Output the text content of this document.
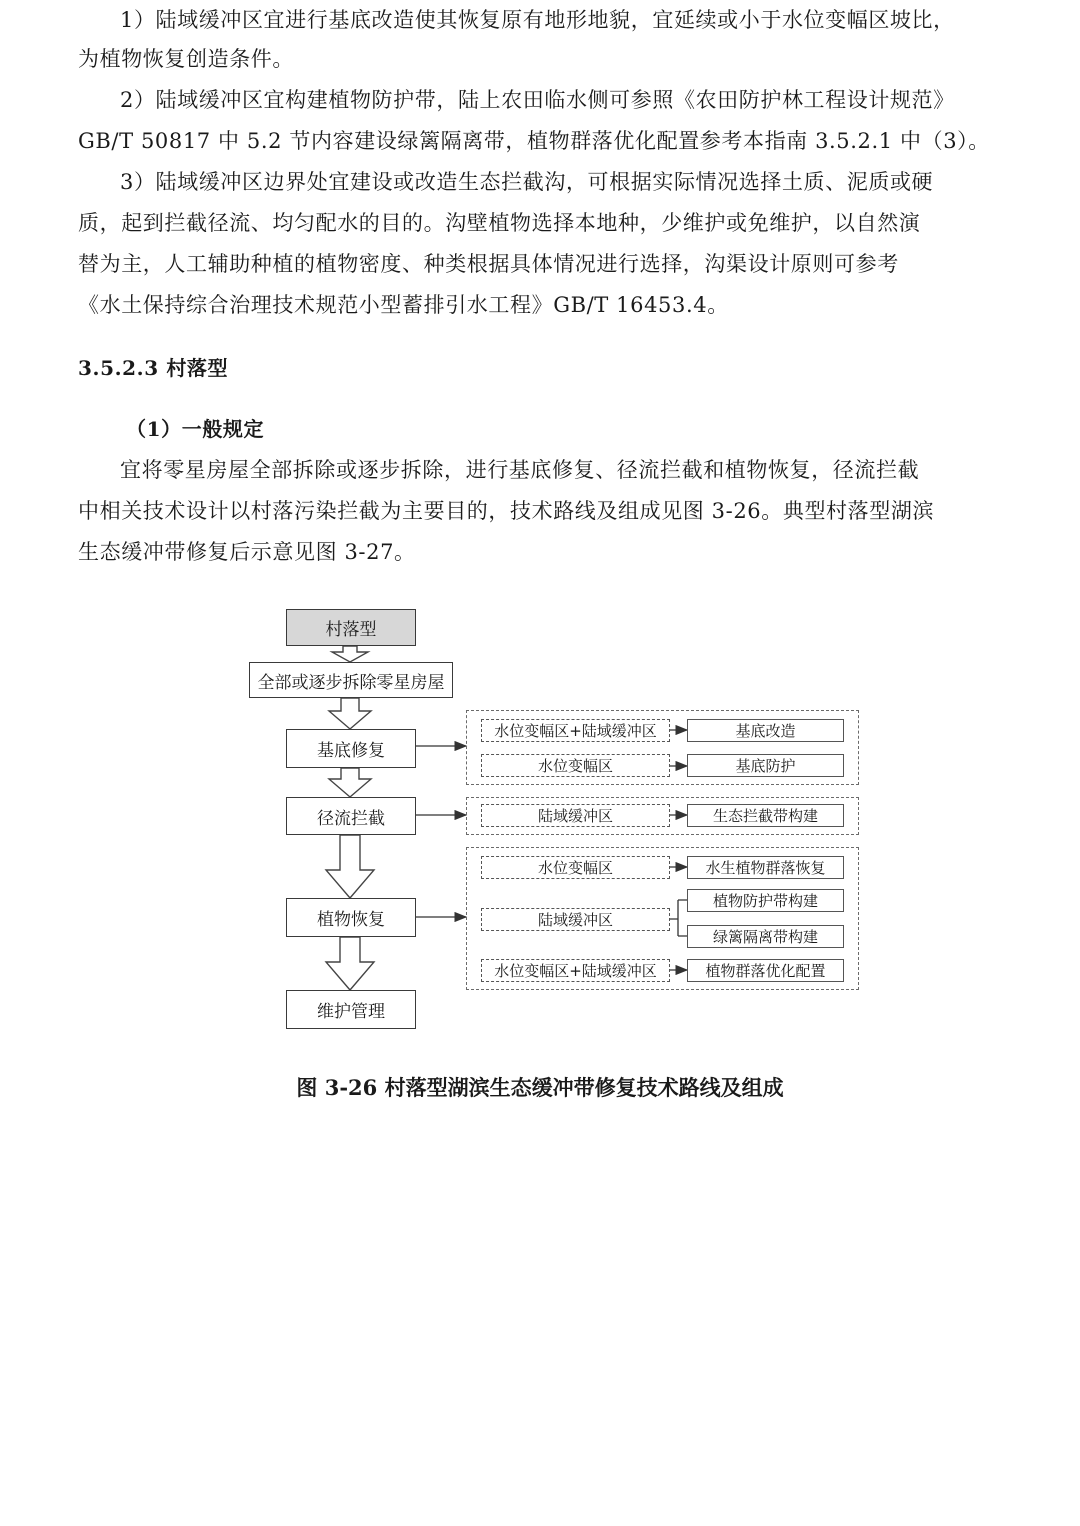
1）陆域缓冲区宜进行基底改造使其恢复原有地形地貌，宜延续或小于水位变幅区坡比，
为植物恢复创造条件。
2）陆域缓冲区宜构建植物防护带，陆上农田临水侧可参照《农田防护林工程设计规范》
GB/T 50817 中 5.2 节内容建设绿篱隔离带，植物群落优化配置参考本指南 3.5.2.1 中（3）。
3）陆域缓冲区边界处宜建设或改造生态拦截沟，可根据实际情况选择土质、泥质或硬
质，起到拦截径流、均匀配水的目的。沟壁植物选择本地种，少维护或免维护，以自然演
替为主，人工辅助种植的植物密度、种类根据具体情况进行选择，沟渠设计原则可参考
《水土保持综合治理技术规范小型蓄排引水工程》GB/T 16453.4。
3.5.2.3 村落型
（1）一般规定
宜将零星房屋全部拆除或逐步拆除，进行基底修复、径流拦截和植物恢复，径流拦截
中相关技术设计以村落污染拦截为主要目的，技术路线及组成见图 3-26。典型村落型湖滨
生态缓冲带修复后示意见图 3-27。
村落型
全部或逐步拆除零星房屋
基底修复
径流拦截
植物恢复
维护管理
水位变幅区+陆域缓冲区	基底改造
水位变幅区	基底防护
陆域缓冲区	生态拦截带构建
水位变幅区	水生植物群落恢复
植物防护带构建
陆域缓冲区
绿篱隔离带构建
水位变幅区+陆域缓冲区	植物群落优化配置
图 3-26 村落型湖滨生态缓冲带修复技术路线及组成
